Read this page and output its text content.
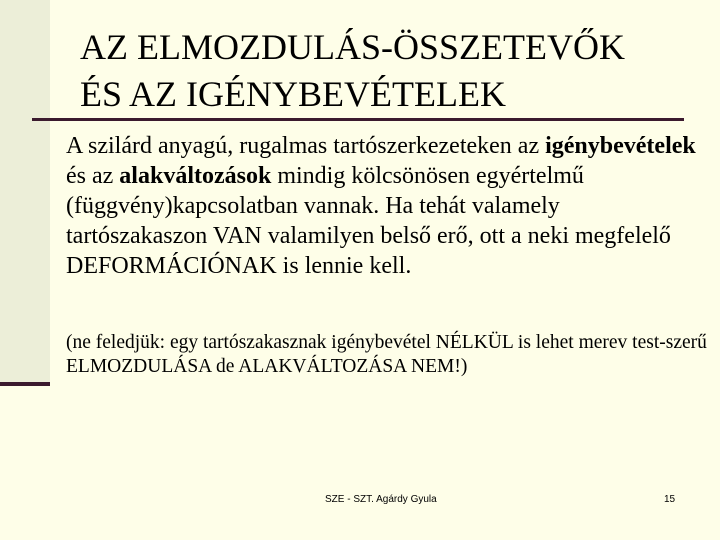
AZ ELMOZDULÁS-ÖSSZETEVŐK
ÉS AZ IGÉNYBEVÉTELEK
A szilárd anyagú, rugalmas tartószerkezeteken az igénybevételek és az alakváltozások mindig kölcsönösen egyértelmű (függvény)kapcsolatban vannak. Ha tehát valamely tartószakaszon VAN valamilyen belső erő, ott a neki megfelelő DEFORMÁCIÓNAK is lennie kell.
(ne feledjük: egy tartószakasznak igénybevétel NÉLKÜL is lehet merev test-szerű ELMOZDULÁSA de ALAKVÁLTOZÁSA NEM!)
SZE - SZT. Agárdy Gyula	15
